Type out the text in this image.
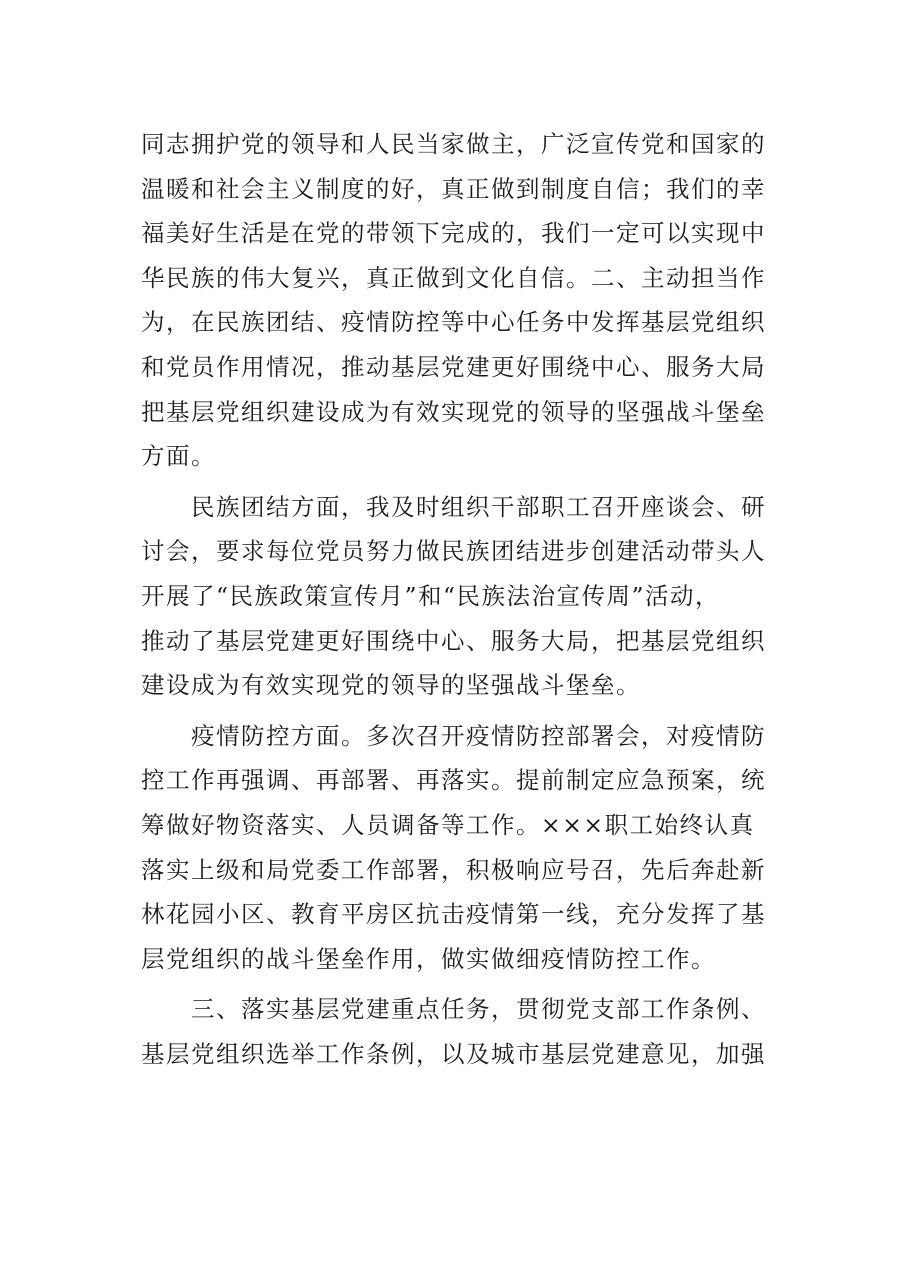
同志拥护党的领导和人民当家做主，广泛宣传党和国家的
温暖和社会主义制度的好，真正做到制度自信；我们的幸
福美好生活是在党的带领下完成的，我们一定可以实现中
华民族的伟大复兴，真正做到文化自信。二、主动担当作
为，在民族团结、疫情防控等中心任务中发挥基层党组织
和党员作用情况，推动基层党建更好围绕中心、服务大局
把基层党组织建设成为有效实现党的领导的坚强战斗堡垒
方面。
　　民族团结方面，我及时组织干部职工召开座谈会、研
讨会，要求每位党员努力做民族团结进步创建活动带头人
开展了“民族政策宣传月”和“民族法治宣传周”活动，
推动了基层党建更好围绕中心、服务大局，把基层党组织
建设成为有效实现党的领导的坚强战斗堡垒。
　　疫情防控方面。多次召开疫情防控部署会，对疫情防
控工作再强调、再部署、再落实。提前制定应急预案，统
筹做好物资落实、人员调备等工作。×××职工始终认真
落实上级和局党委工作部署，积极响应号召，先后奔赴新
林花园小区、教育平房区抗击疫情第一线，充分发挥了基
层党组织的战斗堡垒作用，做实做细疫情防控工作。
　　三、落实基层党建重点任务，贯彻党支部工作条例、
基层党组织选举工作条例，以及城市基层党建意见，加强
